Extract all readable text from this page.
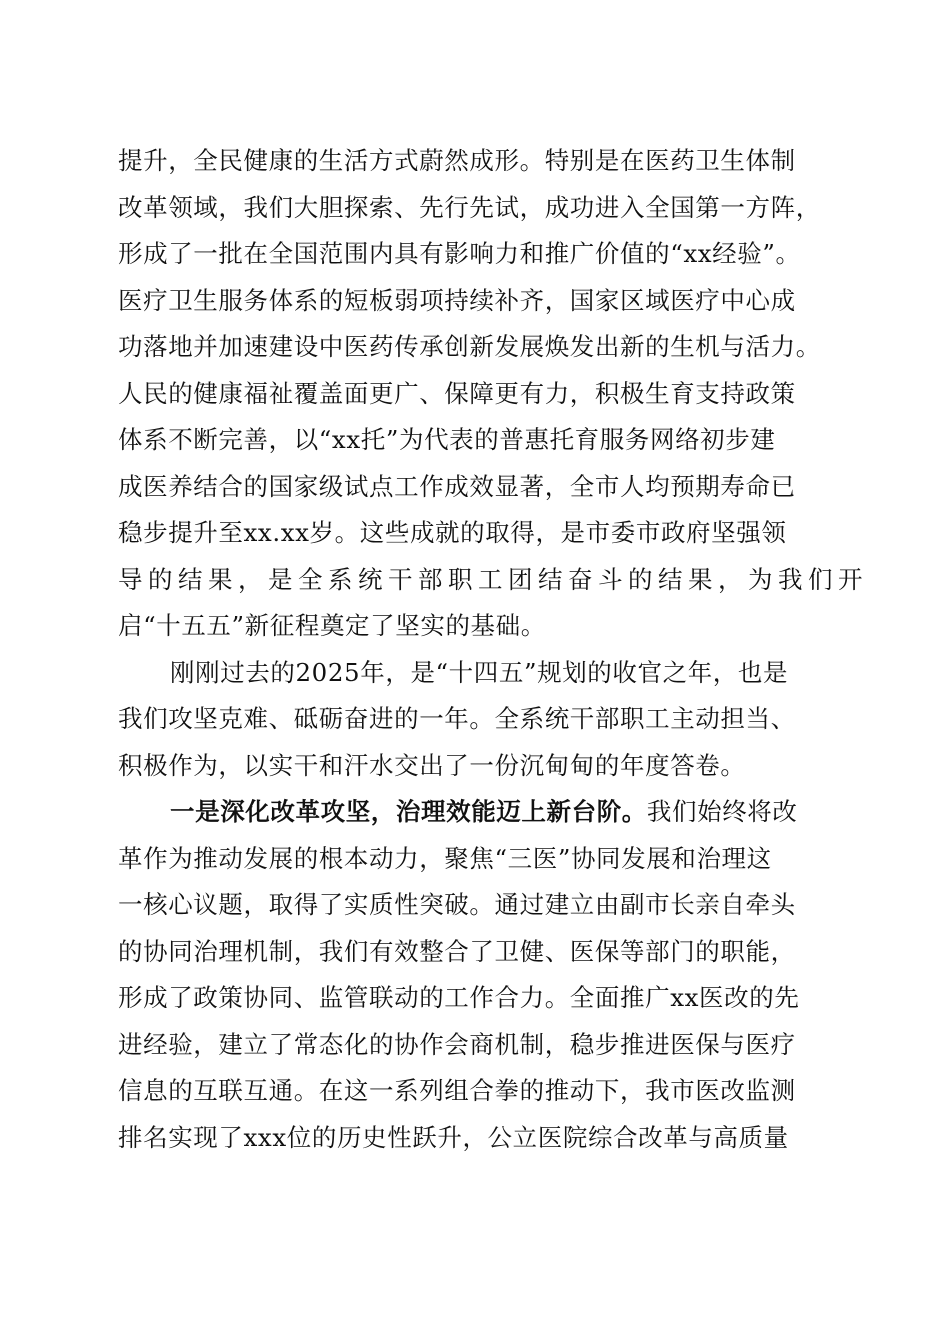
提升，全民健康的生活方式蔚然成形。特别是在医药卫生体制
改革领域，我们大胆探索、先行先试，成功进入全国第一方阵，
形成了一批在全国范围内具有影响力和推广价值的“xx经验”。
医疗卫生服务体系的短板弱项持续补齐，国家区域医疗中心成
功落地并加速建设中医药传承创新发展焕发出新的生机与活力。
人民的健康福祉覆盖面更广、保障更有力，积极生育支持政策
体系不断完善，以“xx托”为代表的普惠托育服务网络初步建
成医养结合的国家级试点工作成效显著，全市人均预期寿命已
稳步提升至xx.xx岁。这些成就的取得，是市委市政府坚强领
导的结果，是全系统干部职工团结奋斗的结果，为我们开
启“十五五”新征程奠定了坚实的基础。
刚刚过去的2025年，是“十四五”规划的收官之年，也是
我们攻坚克难、砥砺奋进的一年。全系统干部职工主动担当、
积极作为，以实干和汗水交出了一份沉甸甸的年度答卷。
一是深化改革攻坚，治理效能迈上新台阶。我们始终将改
革作为推动发展的根本动力，聚焦“三医”协同发展和治理这
一核心议题，取得了实质性突破。通过建立由副市长亲自牵头
的协同治理机制，我们有效整合了卫健、医保等部门的职能，
形成了政策协同、监管联动的工作合力。全面推广xx医改的先
进经验，建立了常态化的协作会商机制，稳步推进医保与医疗
信息的互联互通。在这一系列组合拳的推动下，我市医改监测
排名实现了xxx位的历史性跃升，公立医院综合改革与高质量
